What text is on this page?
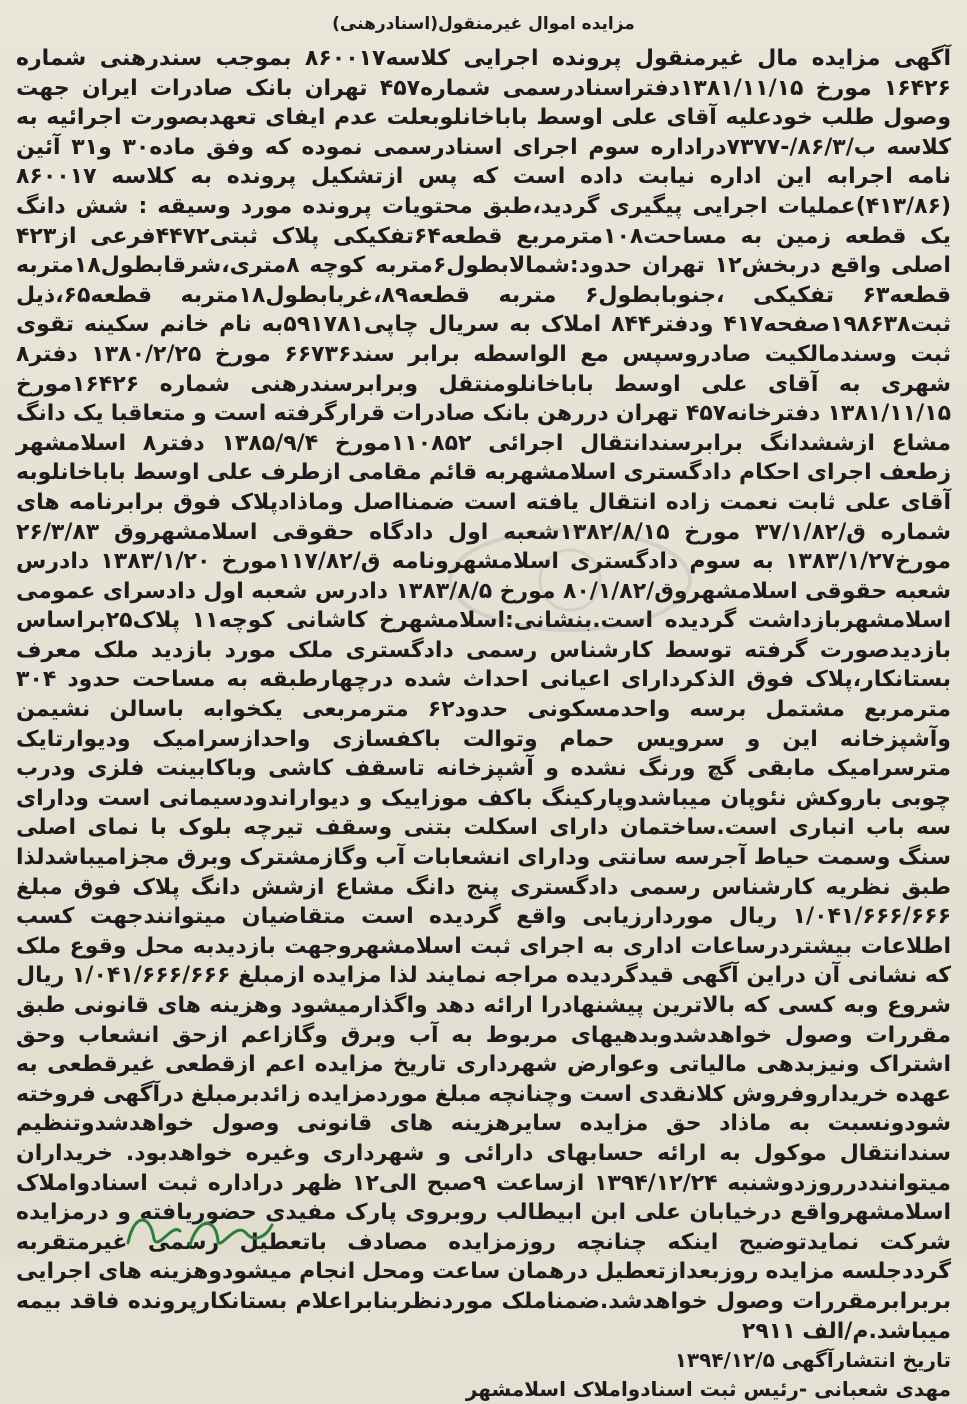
مزایده اموال غیرمنقول(اسنادرهنی)

آگهی مزایده مال غیرمنقول پرونده اجرایی کلاسه۸۶۰۰۱۷ بموجب سندرهنی شماره ۱۶۴۲۶ مورخ ۱۳۸۱/۱۱/۱۵دفتراسنادرسمی شماره۴۵۷ تهران بانک صادرات ایران جهت وصول طلب خودعلیه آقای علی اوسط باباخانلوبعلت عدم ایفای تعهدبصورت اجرائیه به کلاسه ب/۸۶/۳/-۷۳۷۷دراداره سوم اجرای اسنادرسمی نموده که وفق ماده۳۰ و۳۱ آئین نامه اجرابه این اداره نیابت داده است که پس ازتشکیل پرونده به کلاسه ۸۶۰۰۱۷ (۴۱۳/۸۶)عملیات اجرایی پیگیری گردید،طبق محتویات پرونده مورد وسیقه : شش دانگ یک قطعه زمین به مساحت۱۰۸مترمربع قطعه۶۴تفکیکی پلاک ثبتی۴۴۷۲فرعی از۴۲۳ اصلی واقع دربخش۱۲ تهران حدود:شمالابطول۶متربه کوچه ۸متری،شرقابطول۱۸متربه قطعه۶۳ تفکیکی ،جنوبابطول۶ متربه قطعه۸۹،غربابطول۱۸متربه قطعه۶۵،ذیل ثبت۱۹۸۶۳۸صفحه۴۱۷ ودفتر۸۴۴ املاک به سریال چاپی۵۹۱۷۸۱به نام خانم سکینه تقوی ثبت وسندمالکیت صادروسپس مع الواسطه برابر سند۶۶۷۳۶ مورخ ۱۳۸۰/۲/۲۵ دفتر۸ شهری به آقای علی اوسط باباخانلومنتقل وبرابرسندرهنی شماره ۱۶۴۲۶مورخ ۱۳۸۱/۱۱/۱۵ دفترخانه۴۵۷ تهران دررهن بانک صادرات قرارگرفته است و متعاقبا یک دانگ مشاع ازششدانگ برابرسندانتقال اجرائی ۱۱۰۸۵۲مورخ ۱۳۸۵/۹/۴ دفتر۸ اسلامشهر زطعف اجرای احکام دادگستری اسلامشهربه قائم مقامی ازطرف علی اوسط باباخانلوبه آقای علی ثابت نعمت زاده انتقال یافته است ضمنااصل وماذادپلاک فوق برابرنامه های شماره ق/۳۷/۱/۸۲ مورخ ۱۳۸۲/۸/۱۵شعبه اول دادگاه حقوقی اسلامشهروق ۲۶/۳/۸۳ مورخ۱۳۸۳/۱/۲۷ به سوم دادگستری اسلامشهرونامه ق/۱۱۷/۸۲مورخ ۱۳۸۳/۱/۲۰ دادرس شعبه حقوقی اسلامشهروق/۸۰/۱/۸۲ مورخ ۱۳۸۳/۸/۵ دادرس شعبه اول دادسرای عمومی اسلامشهربازداشت گردیده است.بنشانی:اسلامشهرخ کاشانی کوچه۱۱ پلاک۲۵براساس بازدیدصورت گرفته توسط کارشناس رسمی دادگستری ملک مورد بازدید ملک معرف بستانکار،پلاک فوق الذکردارای اعیانی احداث شده درچهارطبقه به مساحت حدود ۳۰۴ مترمربع مشتمل برسه واحدمسکونی حدود۶۲ مترمربعی یکخوابه باسالن نشیمن وآشپزخانه این و سرویس حمام وتوالت باکفسازی واحدازسرامیک ودیوارتایک مترسرامیک مابقی گچ ورنگ نشده و آشپزخانه تاسقف کاشی وباکابینت فلزی ودرب چوبی باروکش نئوپان میباشدوپارکینگ باکف موزاییک و دیواراندودسیمانی است ودارای سه باب انباری است.ساختمان دارای اسکلت بتنی وسقف تیرچه بلوک با نمای اصلی سنگ وسمت حیاط آجرسه سانتی ودارای انشعابات آب وگازمشترک وبرق مجزامیباشدلذا طبق نظریه کارشناس رسمی دادگستری پنج دانگ مشاع ازشش دانگ پلاک فوق مبلغ ۱/۰۴۱/۶۶۶/۶۶۶ ریال موردارزیابی واقع گردیده است متقاضیان میتوانندجهت کسب اطلاعات بیشتردرساعات اداری به اجرای ثبت اسلامشهروجهت بازدیدبه محل وقوع ملک که نشانی آن دراین آگهی قیدگردیده مراجه نمایند لذا مزایده ازمبلغ ۱/۰۴۱/۶۶۶/۶۶۶ ریال شروع وبه کسی که بالاترین پیشنهادرا ارائه دهد واگذارمیشود وهزینه های قانونی طبق مقررات وصول خواهدشدوبدهیهای مربوط به آب وبرق وگازاعم ازحق انشعاب وحق اشتراک ونیزبدهی مالیاتی وعوارض شهرداری تاریخ مزایده اعم ازقطعی غیرقطعی به عهده خریداروفروش کلانقدی است وچنانچه مبلغ موردمزایده زائدبرمبلغ درآگهی فروخته شودونسبت به ماذاد حق مزایده سایرهزینه های قانونی وصول خواهدشدوتنظیم سندانتقال موکول به ارائه حسابهای دارائی و شهرداری وغیره خواهدبود. خریداران میتواننددرروزدوشنبه ۱۳۹۴/۱۲/۲۴ ازساعت ۹صبح الی۱۲ ظهر دراداره ثبت اسنادواملاک اسلامشهرواقع درخیابان علی ابن ابیطالب روبروی پارک مفیدی حضوریافته و درمزایده شرکت نمایدتوضیح اینکه چنانچه روزمزایده مصادف باتعطیل رسمی غیرمتقربه گرددجلسه مزایده روزبعدازتعطیل درهمان ساعت ومحل انجام میشودوهزینه های اجرایی بربرابرمقررات وصول خواهدشد.ضمناملک موردنظربنابراعلام بستانکارپرونده فاقد بیمه میباشد.م/الف ۲۹۱۱

تاریخ انتشارآگهی ۱۳۹۴/۱۲/۵

مهدی شعبانی -رئیس ثبت اسنادواملاک اسلامشهر
